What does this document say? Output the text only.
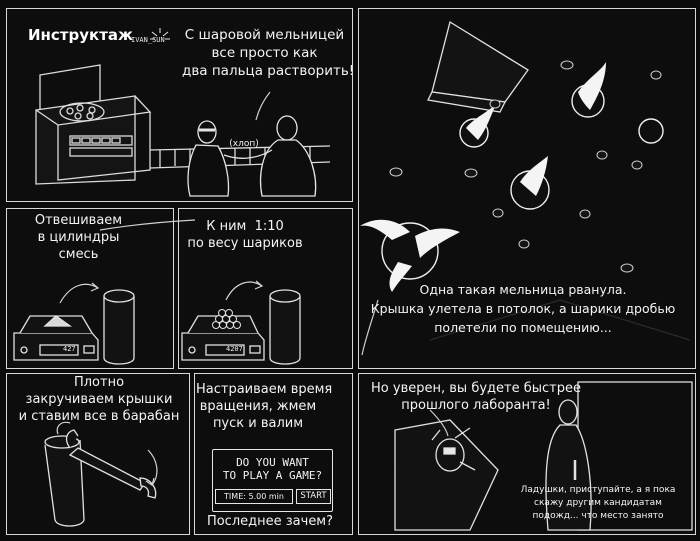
Инструктаж
IVAN_SUN С шаровой мельницей
все просто как
два пальца растворить!
(хлоп)
Отвешиваем
в цилиндры
смесь
427
К ним  1:10
по весу шариков
4207
Плотно
закручиваем крышки
и ставим все в барабан
Настраиваем время
вращения, жмем
пуск и валим
DO YOU WANT
TO PLAY A GAME?
TIME: 5.00 min	START
Последнее зачем?
Одна такая мельница рванула.
Крышка улетела в потолок, а шарики дробью
полетели по помещению...
Но уверен, вы будете быстрее
прошлого лаборанта!
Ладушки, приступайте, а я пока
скажу другим кандидатам
подожд... что место занято
